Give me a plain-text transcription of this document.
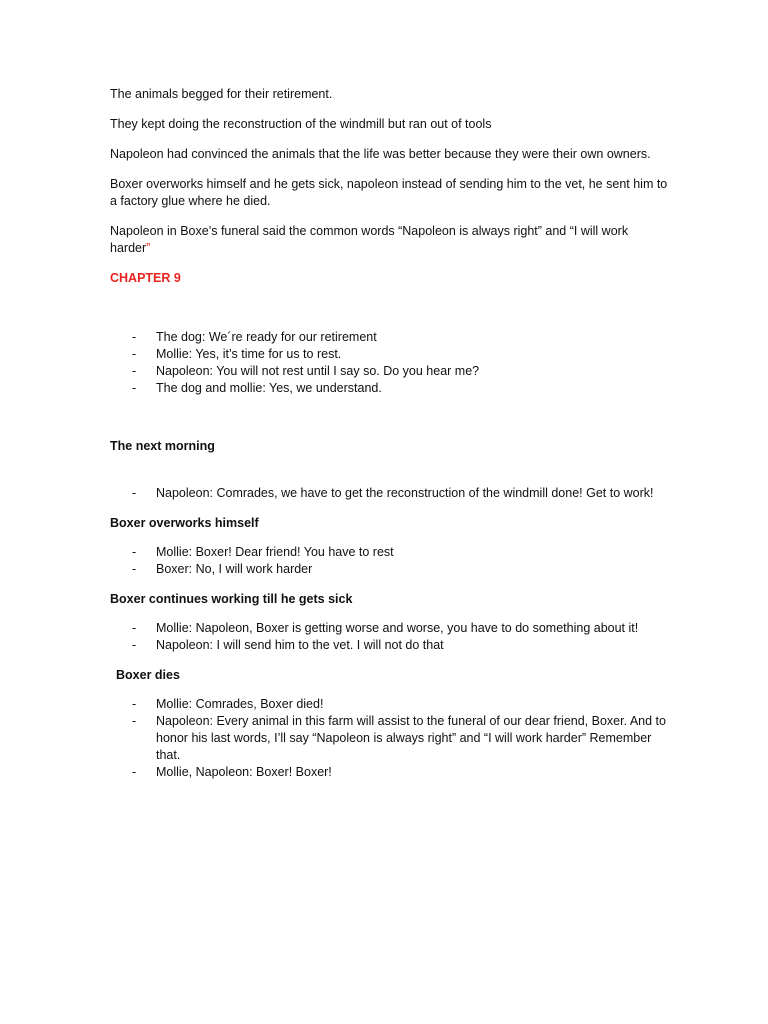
The animals begged for their retirement.

They kept doing the reconstruction of the windmill but ran out of tools

Napoleon had convinced the animals that the life was better because they were their own owners.

Boxer overworks himself and he gets sick, napoleon instead of sending him to the vet, he sent him to a factory glue where he died.

Napoleon in Boxe’s funeral said the common words “Napoleon is always right” and “I will work harder”

CHAPTER 9

- The dog: We´re ready for our retirement
- Mollie: Yes, it’s time for us to rest.
- Napoleon: You will not rest until I say so. Do you hear me?
- The dog and mollie: Yes, we understand.

The next morning

- Napoleon: Comrades, we have to get the reconstruction of the windmill done! Get to work!

Boxer overworks himself

- Mollie: Boxer! Dear friend! You have to rest
- Boxer: No, I will work harder

Boxer continues working till he gets sick

- Mollie: Napoleon, Boxer is getting worse and worse, you have to do something about it!
- Napoleon: I will send him to the vet. I will not do that

Boxer dies

- Mollie: Comrades, Boxer died!
- Napoleon: Every animal in this farm will assist to the funeral of our dear friend, Boxer. And to honor his last words, I’ll say “Napoleon is always right” and “I will work harder” Remember that.
- Mollie, Napoleon: Boxer! Boxer!
